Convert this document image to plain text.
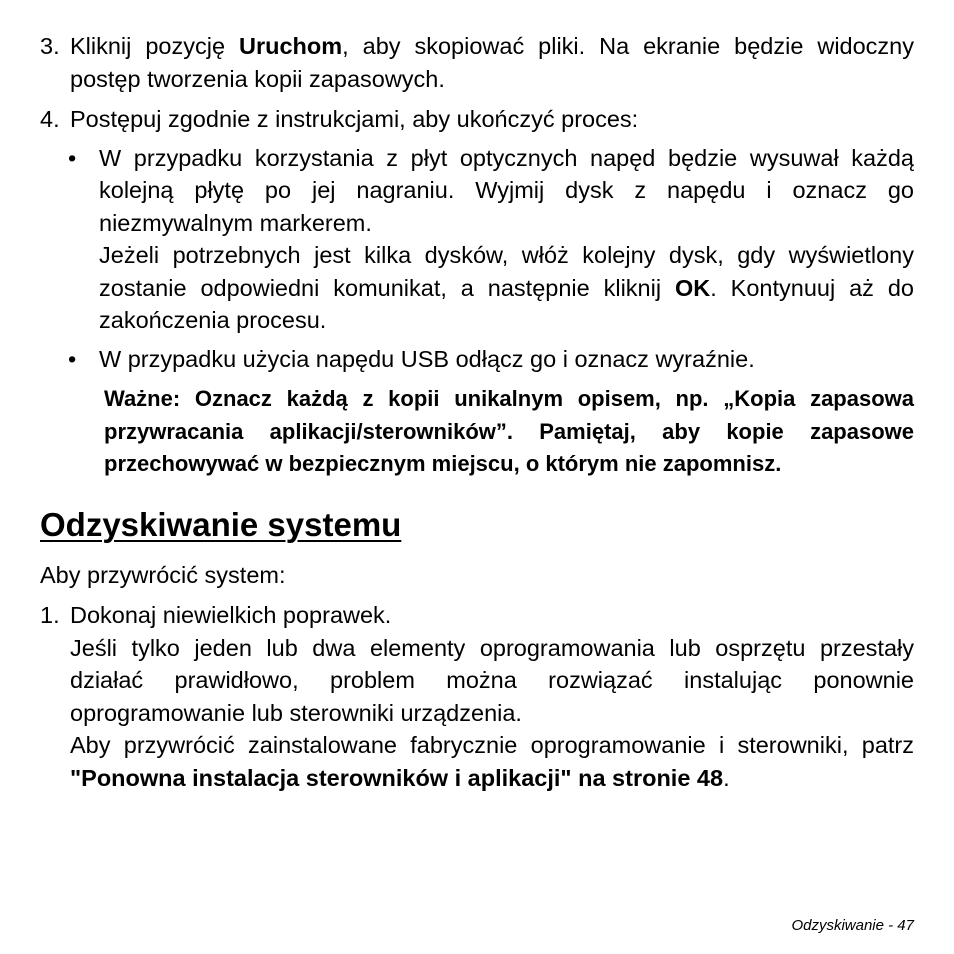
3. Kliknij pozycję Uruchom, aby skopiować pliki. Na ekranie będzie widoczny postęp tworzenia kopii zapasowych.
4. Postępuj zgodnie z instrukcjami, aby ukończyć proces:
• W przypadku korzystania z płyt optycznych napęd będzie wysuwał każdą kolejną płytę po jej nagraniu. Wyjmij dysk z napędu i oznacz go niezmywalnym markerem.
Jeżeli potrzebnych jest kilka dysków, włóż kolejny dysk, gdy wyświetlony zostanie odpowiedni komunikat, a następnie kliknij OK. Kontynuuj aż do zakończenia procesu.
• W przypadku użycia napędu USB odłącz go i oznacz wyraźnie.
Ważne: Oznacz każdą z kopii unikalnym opisem, np. „Kopia zapasowa przywracania aplikacji/sterowników”. Pamiętaj, aby kopie zapasowe przechowywać w bezpiecznym miejscu, o którym nie zapomnisz.
Odzyskiwanie systemu
Aby przywrócić system:
1. Dokonaj niewielkich poprawek.
Jeśli tylko jeden lub dwa elementy oprogramowania lub osprzętu przestały działać prawidłowo, problem można rozwiązać instalując ponownie oprogramowanie lub sterowniki urządzenia.
Aby przywrócić zainstalowane fabrycznie oprogramowanie i sterowniki, patrz "Ponowna instalacja sterowników i aplikacji" na stronie 48.
Odzyskiwanie - 47
